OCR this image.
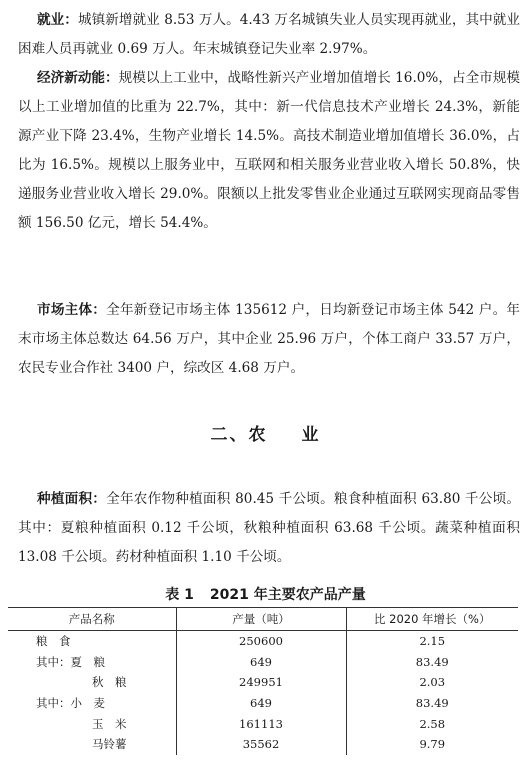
就业：城镇新增就业 8.53 万人。4.43 万名城镇失业人员实现再就业，其中就业困难人员再就业 0.69 万人。年末城镇登记失业率 2.97%。

经济新动能：规模以上工业中，战略性新兴产业增加值增长 16.0%，占全市规模以上工业增加值的比重为 22.7%，其中：新一代信息技术产业增长 24.3%，新能源产业下降 23.4%，生物产业增长 14.5%。高技术制造业增加值增长 36.0%，占比为 16.5%。规模以上服务业中，互联网和相关服务业营业收入增长 50.8%，快递服务业营业收入增长 29.0%。限额以上批发零售业企业通过互联网实现商品零售额 156.50 亿元，增长 54.4%。

市场主体：全年新登记市场主体 135612 户，日均新登记市场主体 542 户。年末市场主体总数达 64.56 万户，其中企业 25.96 万户，个体工商户 33.57 万户，农民专业合作社 3400 户，综改区 4.68 万户。

二、农 业

种植面积：全年农作物种植面积 80.45 千公顷。粮食种植面积 63.80 千公顷。其中：夏粮种植面积 0.12 千公顷，秋粮种植面积 63.68 千公顷。蔬菜种植面积 13.08 千公顷。药材种植面积 1.10 千公顷。

表 1 2021 年主要农产品产量
产品名称	产量（吨）	比 2020 年增长（%）
粮　食	250600	2.15
其中：夏　粮	649	83.49
秋　粮	249951	2.03
其中：小　麦	649	83.49
玉　米	161113	2.58
马铃薯	35562	9.79
